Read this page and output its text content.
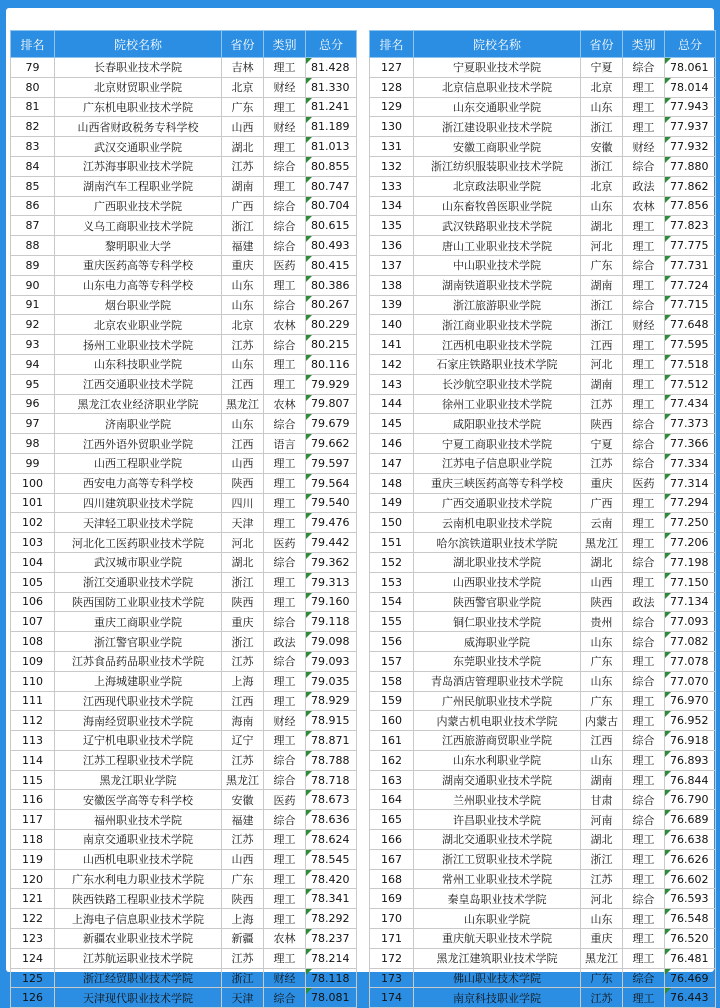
排名	院校名称	省份	类别	总分
79	长春职业技术学院	吉林	理工	81.428
80	北京财贸职业学院	北京	财经	81.330
81	广东机电职业技术学院	广东	理工	81.241
82	山西省财政税务专科学校	山西	财经	81.189
83	武汉交通职业学院	湖北	理工	81.013
84	江苏海事职业技术学院	江苏	综合	80.855
85	湖南汽车工程职业学院	湖南	理工	80.747
86	广西职业技术学院	广西	综合	80.704
87	义乌工商职业技术学院	浙江	综合	80.615
88	黎明职业大学	福建	综合	80.493
89	重庆医药高等专科学校	重庆	医药	80.415
90	山东电力高等专科学校	山东	理工	80.386
91	烟台职业学院	山东	综合	80.267
92	北京农业职业学院	北京	农林	80.229
93	扬州工业职业技术学院	江苏	综合	80.215
94	山东科技职业学院	山东	理工	80.116
95	江西交通职业技术学院	江西	理工	79.929
96	黑龙江农业经济职业学院	黑龙江	农林	79.807
97	济南职业学院	山东	综合	79.679
98	江西外语外贸职业学院	江西	语言	79.662
99	山西工程职业学院	山西	理工	79.597
100	西安电力高等专科学校	陕西	理工	79.564
101	四川建筑职业技术学院	四川	理工	79.540
102	天津轻工职业技术学院	天津	理工	79.476
103	河北化工医药职业技术学院	河北	医药	79.442
104	武汉城市职业学院	湖北	综合	79.362
105	浙江交通职业技术学院	浙江	理工	79.313
106	陕西国防工业职业技术学院	陕西	理工	79.160
107	重庆工商职业学院	重庆	综合	79.118
108	浙江警官职业学院	浙江	政法	79.098
109	江苏食品药品职业技术学院	江苏	综合	79.093
110	上海城建职业学院	上海	理工	79.035
111	江西现代职业技术学院	江西	理工	78.929
112	海南经贸职业技术学院	海南	财经	78.915
113	辽宁机电职业技术学院	辽宁	理工	78.871
114	江苏工程职业技术学院	江苏	综合	78.788
115	黑龙江职业学院	黑龙江	综合	78.718
116	安徽医学高等专科学校	安徽	医药	78.673
117	福州职业技术学院	福建	综合	78.636
118	南京交通职业技术学院	江苏	理工	78.624
119	山西机电职业技术学院	山西	理工	78.545
120	广东水利电力职业技术学院	广东	理工	78.420
121	陕西铁路工程职业技术学院	陕西	理工	78.341
122	上海电子信息职业技术学院	上海	理工	78.292
123	新疆农业职业技术学院	新疆	农林	78.237
124	江苏航运职业技术学院	江苏	理工	78.214
125	浙江经贸职业技术学院	浙江	财经	78.118
126	天津现代职业技术学院	天津	综合	78.081
排名	院校名称	省份	类别	总分
127	宁夏职业技术学院	宁夏	综合	78.061
128	北京信息职业技术学院	北京	理工	78.014
129	山东交通职业学院	山东	理工	77.943
130	浙江建设职业技术学院	浙江	理工	77.937
131	安徽工商职业学院	安徽	财经	77.932
132	浙江纺织服装职业技术学院	浙江	综合	77.880
133	北京政法职业学院	北京	政法	77.862
134	山东畜牧兽医职业学院	山东	农林	77.856
135	武汉铁路职业技术学院	湖北	理工	77.823
136	唐山工业职业技术学院	河北	理工	77.775
137	中山职业技术学院	广东	综合	77.731
138	湖南铁道职业技术学院	湖南	理工	77.724
139	浙江旅游职业学院	浙江	综合	77.715
140	浙江商业职业技术学院	浙江	财经	77.648
141	江西机电职业技术学院	江西	理工	77.595
142	石家庄铁路职业技术学院	河北	理工	77.518
143	长沙航空职业技术学院	湖南	理工	77.512
144	徐州工业职业技术学院	江苏	理工	77.434
145	咸阳职业技术学院	陕西	综合	77.373
146	宁夏工商职业技术学院	宁夏	综合	77.366
147	江苏电子信息职业学院	江苏	综合	77.334
148	重庆三峡医药高等专科学校	重庆	医药	77.314
149	广西交通职业技术学院	广西	理工	77.294
150	云南机电职业技术学院	云南	理工	77.250
151	哈尔滨铁道职业技术学院	黑龙江	理工	77.206
152	湖北职业技术学院	湖北	综合	77.198
153	山西职业技术学院	山西	理工	77.150
154	陕西警官职业学院	陕西	政法	77.134
155	铜仁职业技术学院	贵州	综合	77.093
156	威海职业学院	山东	综合	77.082
157	东莞职业技术学院	广东	理工	77.078
158	青岛酒店管理职业技术学院	山东	综合	77.070
159	广州民航职业技术学院	广东	理工	76.970
160	内蒙古机电职业技术学院	内蒙古	理工	76.952
161	江西旅游商贸职业学院	江西	综合	76.918
162	山东水利职业学院	山东	理工	76.893
163	湖南交通职业技术学院	湖南	理工	76.844
164	兰州职业技术学院	甘肃	综合	76.790
165	许昌职业技术学院	河南	综合	76.689
166	湖北交通职业技术学院	湖北	理工	76.638
167	浙江工贸职业技术学院	浙江	理工	76.626
168	常州工业职业技术学院	江苏	理工	76.602
169	秦皇岛职业技术学院	河北	综合	76.593
170	山东职业学院	山东	理工	76.548
171	重庆航天职业技术学院	重庆	理工	76.520
172	黑龙江建筑职业技术学院	黑龙江	理工	76.481
173	佛山职业技术学院	广东	综合	76.469
174	南京科技职业学院	江苏	理工	76.443
